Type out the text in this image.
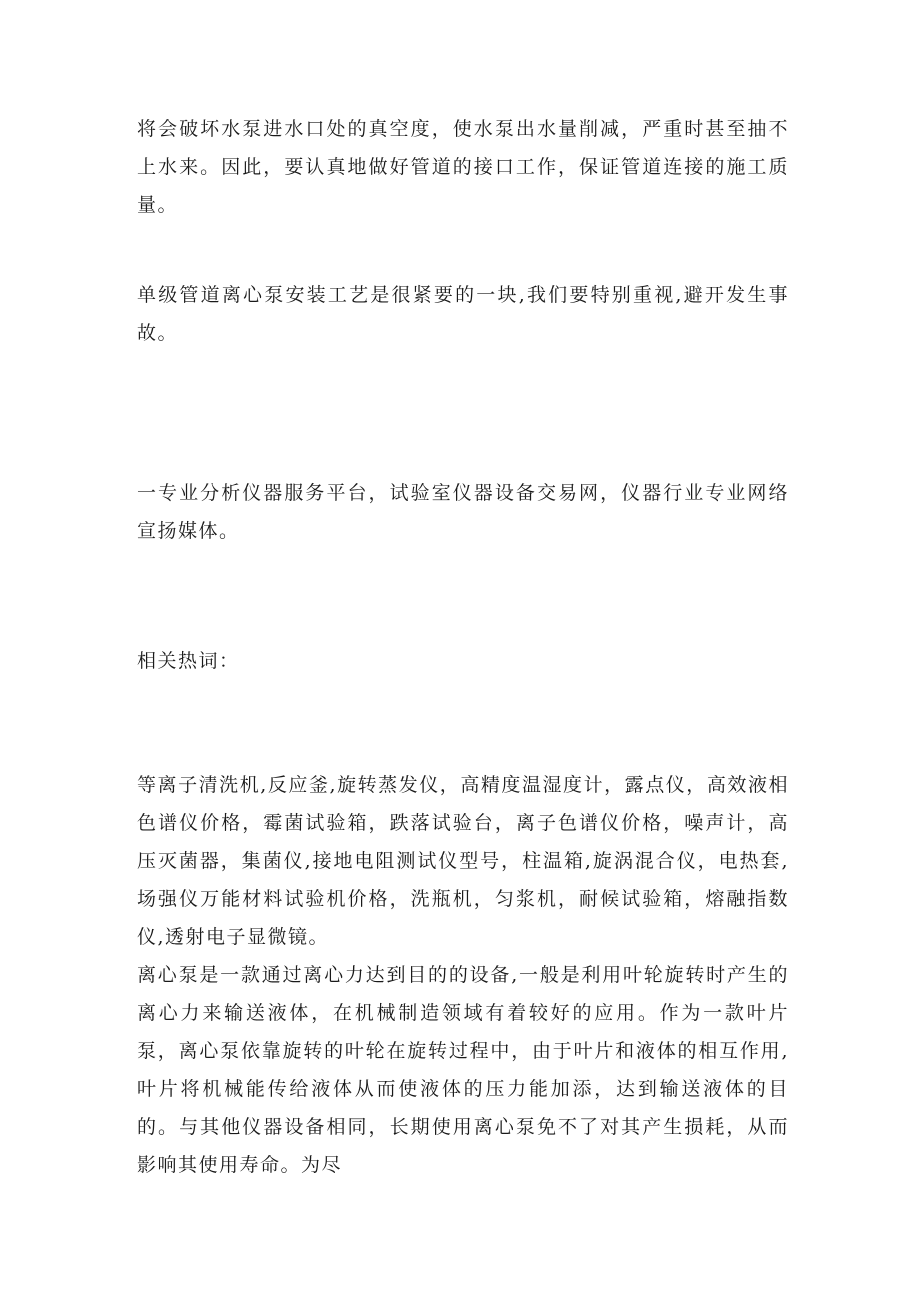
将会破坏水泵进水口处的真空度，使水泵出水量削减，严重时甚至抽不上水来。因此，要认真地做好管道的接口工作，保证管道连接的施工质量。

单级管道离心泵安装工艺是很紧要的一块,我们要特别重视,避开发生事故。

一专业分析仪器服务平台，试验室仪器设备交易网，仪器行业专业网络宣扬媒体。

相关热词：

等离子清洗机,反应釜,旋转蒸发仪，高精度温湿度计，露点仪，高效液相色谱仪价格，霉菌试验箱，跌落试验台，离子色谱仪价格，噪声计，高压灭菌器，集菌仪,接地电阻测试仪型号，柱温箱,旋涡混合仪，电热套,场强仪万能材料试验机价格，洗瓶机，匀浆机，耐候试验箱，熔融指数仪,透射电子显微镜。

离心泵是一款通过离心力达到目的的设备,一般是利用叶轮旋转时产生的离心力来输送液体，在机械制造领域有着较好的应用。作为一款叶片泵，离心泵依靠旋转的叶轮在旋转过程中，由于叶片和液体的相互作用,叶片将机械能传给液体从而使液体的压力能加添，达到输送液体的目的。与其他仪器设备相同，长期使用离心泵免不了对其产生损耗，从而影响其使用寿命。为尽
